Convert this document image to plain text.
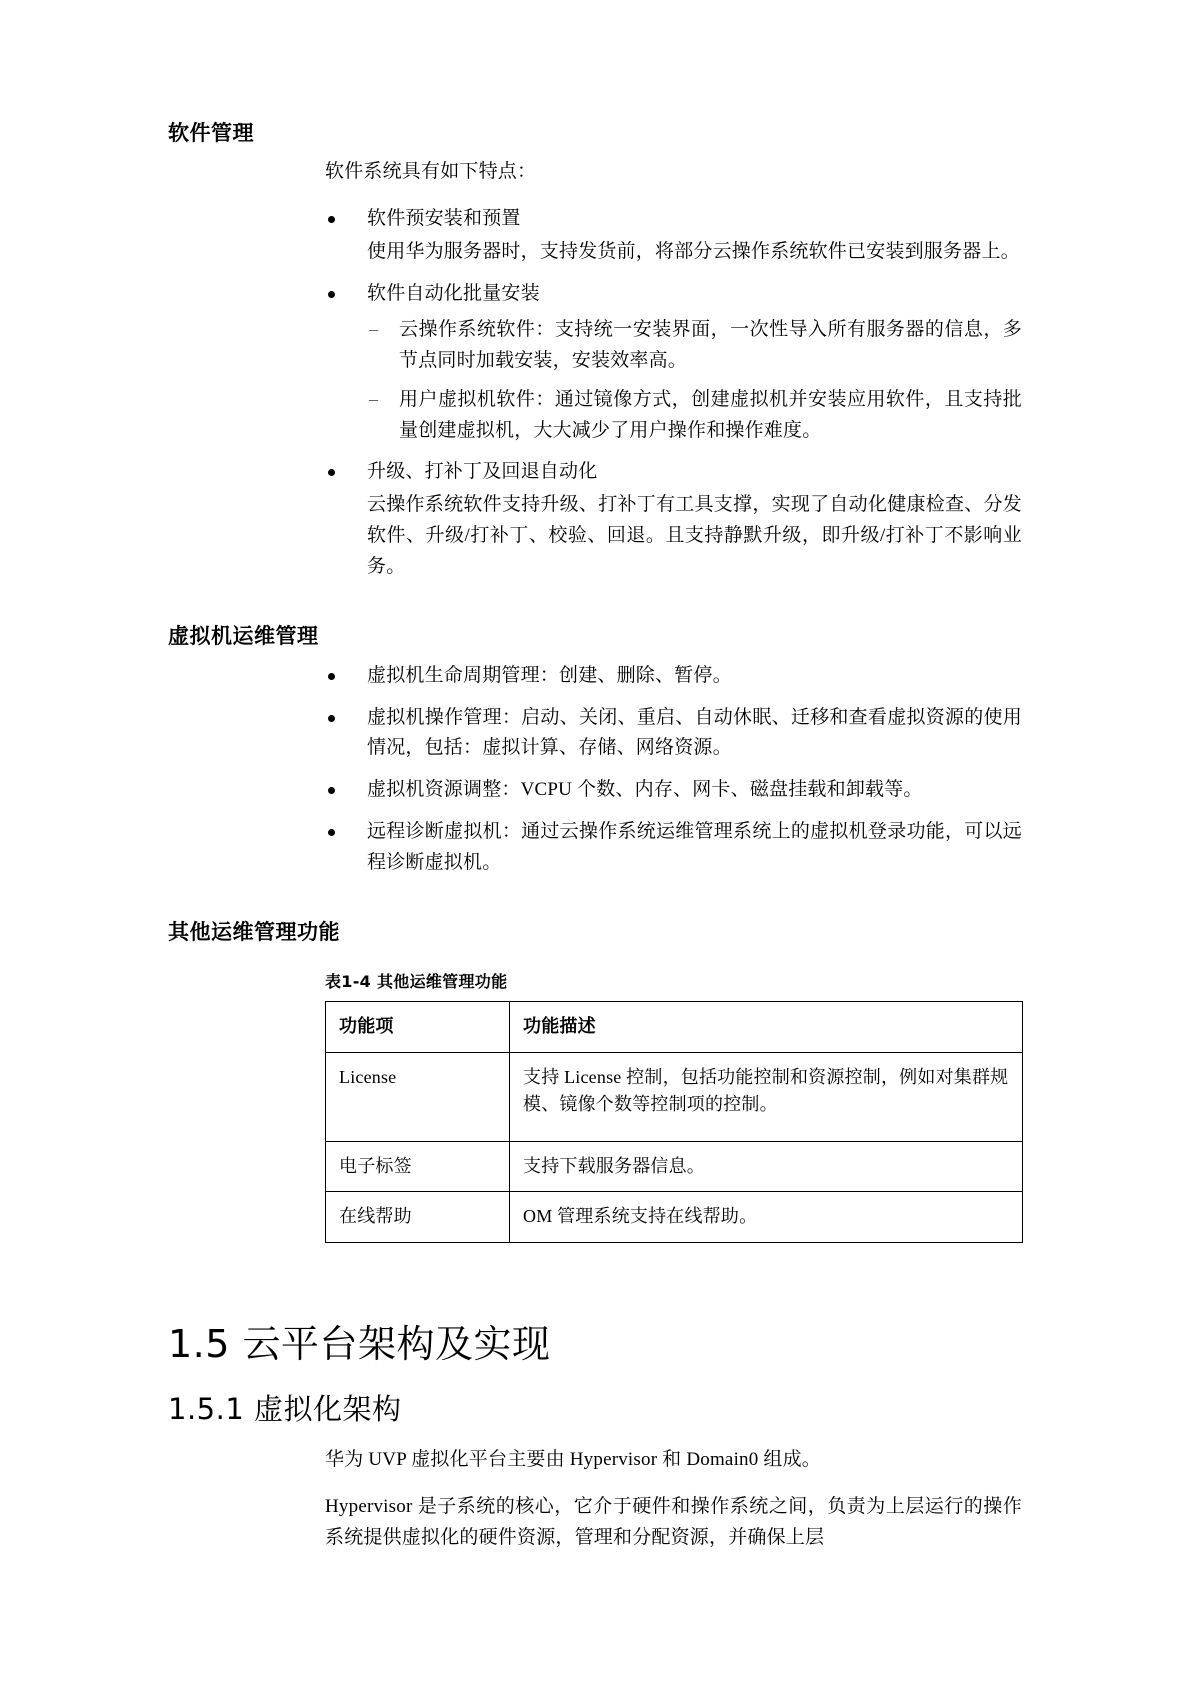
软件管理

软件系统具有如下特点：

软件预安装和预置
使用华为服务器时，支持发货前，将部分云操作系统软件已安装到服务器上。
软件自动化批量安装
– 云操作系统软件：支持统一安装界面，一次性导入所有服务器的信息，多节点同时加载安装，安装效率高。
– 用户虚拟机软件：通过镜像方式，创建虚拟机并安装应用软件，且支持批量创建虚拟机，大大减少了用户操作和操作难度。
升级、打补丁及回退自动化
云操作系统软件支持升级、打补丁有工具支撑，实现了自动化健康检查、分发软件、升级/打补丁、校验、回退。且支持静默升级，即升级/打补丁不影响业务。
虚拟机运维管理
虚拟机生命周期管理：创建、删除、暂停。
虚拟机操作管理：启动、关闭、重启、自动休眠、迁移和查看虚拟资源的使用情况，包括：虚拟计算、存储、网络资源。
虚拟机资源调整：VCPU 个数、内存、网卡、磁盘挂载和卸载等。
远程诊断虚拟机：通过云操作系统运维管理系统上的虚拟机登录功能，可以远程诊断虚拟机。
其他运维管理功能
表1-4 其他运维管理功能
功能项	功能描述
License	支持 License 控制，包括功能控制和资源控制，例如对集群规模、镜像个数等控制项的控制。
电子标签	支持下载服务器信息。
在线帮助	OM 管理系统支持在线帮助。
1.5 云平台架构及实现
1.5.1 虚拟化架构

华为 UVP 虚拟化平台主要由 Hypervisor 和 Domain0 组成。

Hypervisor 是子系统的核心，它介于硬件和操作系统之间，负责为上层运行的操作系统提供虚拟化的硬件资源，管理和分配资源，并确保上层
